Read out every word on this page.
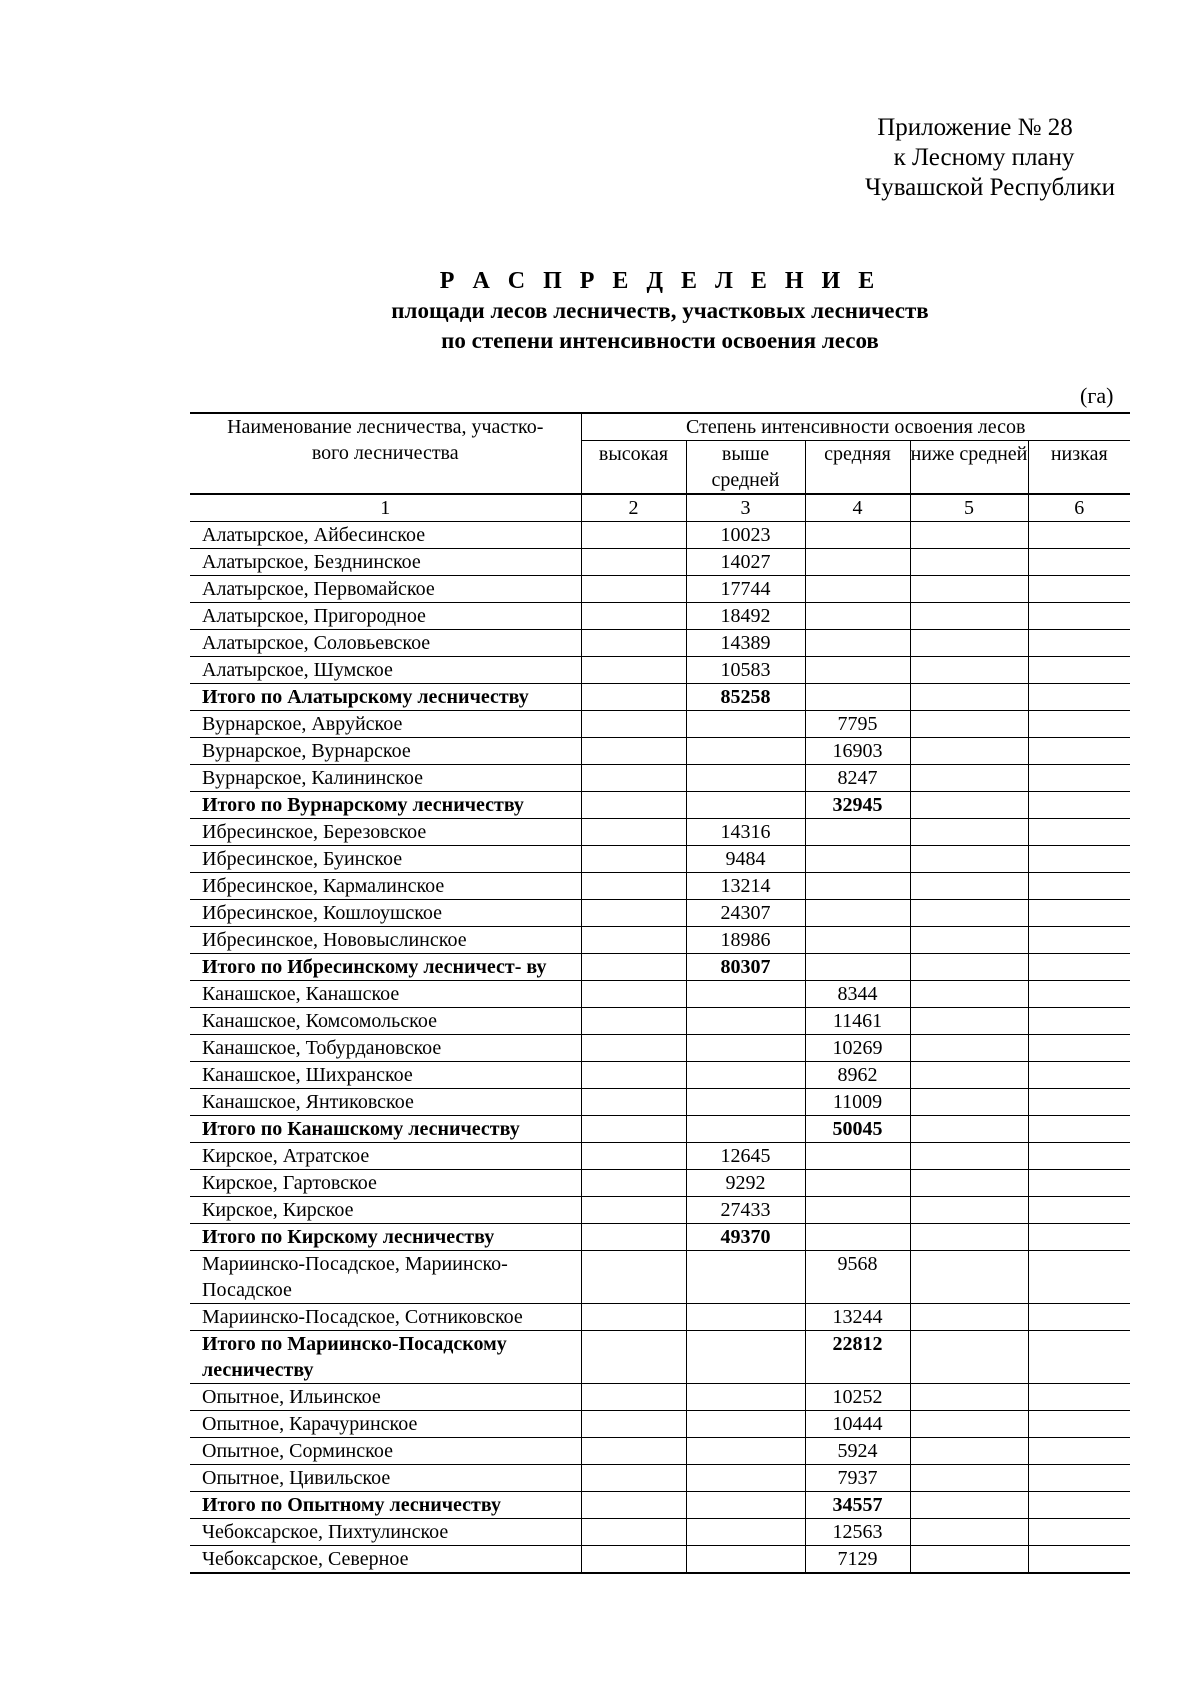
Приложение № 28
к Лесному плану
Чувашской Республики
Р А С П Р Е Д Е Л Е Н И Е
площади лесов лесничеств, участковых лесничеств
по степени интенсивности освоения лесов
(га)
Наименование лесничества, участко- вого лесничества	Степень интенсивности освоения лесов				
	высокая	выше средней	средняя	ниже средней	низкая
1	2	3	4	5	6
Алатырское, Айбесинское		10023			
Алатырское, Безднинское		14027			
Алатырское, Первомайское		17744			
Алатырское, Пригородное		18492			
Алатырское, Соловьевское		14389			
Алатырское, Шумское		10583			
Итого по Алатырскому лесничеству		85258			
Вурнарское, Авруйское			7795		
Вурнарское, Вурнарское			16903		
Вурнарское, Калининское			8247		
Итого по Вурнарскому лесничеству			32945		
Ибресинское, Березовское		14316			
Ибресинское, Буинское		9484			
Ибресинское, Кармалинское		13214			
Ибресинское, Кошлоушское		24307			
Ибресинское, Нововыслинское		18986			
Итого по Ибресинскому лесничест- ву		80307			
Канашское, Канашское			8344		
Канашское, Комсомольское			11461		
Канашское, Тобурдановское			10269		
Канашское, Шихранское			8962		
Канашское, Янтиковское			11009		
Итого по Канашскому лесничеству			50045		
Кирское, Атратское		12645			
Кирское, Гартовское		9292			
Кирское, Кирское		27433			
Итого по Кирскому лесничеству		49370			
Мариинско-Посадское, Мариинско- Посадское			9568		
Мариинско-Посадское, Сотниковское			13244		
Итого по Мариинско-Посадскому лесничеству			22812		
Опытное, Ильинское			10252		
Опытное, Карачуринское			10444		
Опытное, Сорминское			5924		
Опытное, Цивильское			7937		
Итого по Опытному лесничеству			34557		
Чебоксарское, Пихтулинское			12563		
Чебоксарское, Северное			7129		
